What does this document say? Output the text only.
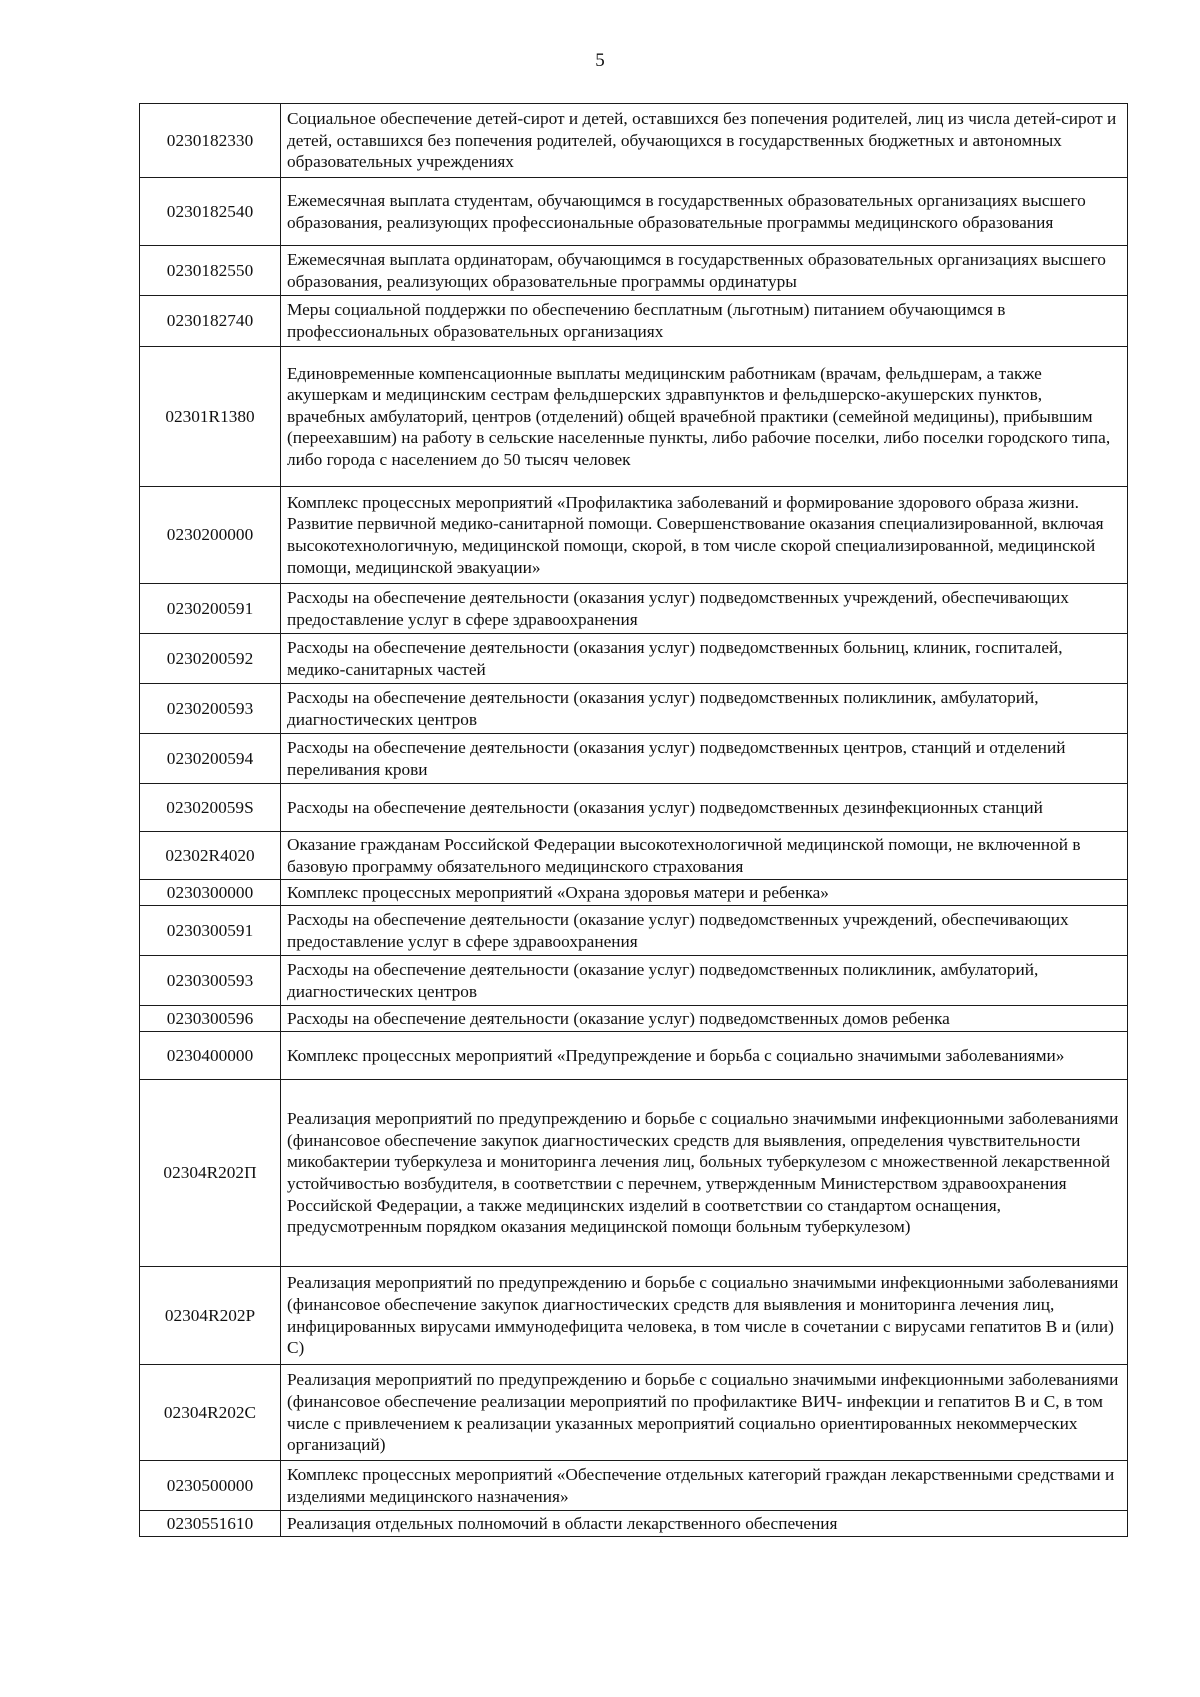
5
0230182330	Социальное обеспечение детей-сирот и детей, оставшихся без попечения родителей, лиц из числа детей-сирот и детей, оставшихся без попечения родителей, обучающихся в государственных бюджетных и автономных образовательных учреждениях
0230182540	Ежемесячная выплата студентам, обучающимся в государственных образовательных организациях высшего образования, реализующих профессиональные образовательные программы медицинского образования
0230182550	Ежемесячная выплата ординаторам, обучающимся в государственных образовательных организациях высшего образования, реализующих образовательные программы ординатуры
0230182740	Меры социальной поддержки по обеспечению бесплатным (льготным) питанием обучающимся в профессиональных образовательных организациях
02301R1380	Единовременные компенсационные выплаты медицинским работникам (врачам, фельдшерам, а также акушеркам и медицинским сестрам фельдшерских здравпунктов и фельдшерско-акушерских пунктов, врачебных амбулаторий, центров (отделений) общей врачебной практики (семейной медицины), прибывшим (переехавшим) на работу в сельские населенные пункты, либо рабочие поселки, либо поселки городского типа, либо города с населением до 50 тысяч человек
0230200000	Комплекс процессных мероприятий «Профилактика заболеваний и формирование здорового образа жизни. Развитие первичной медико-санитарной помощи. Совершенствование оказания специализированной, включая высокотехнологичную, медицинской помощи, скорой, в том числе скорой специализированной, медицинской помощи, медицинской эвакуации»
0230200591	Расходы на обеспечение деятельности (оказания услуг) подведомственных учреждений, обеспечивающих предоставление услуг в сфере здравоохранения
0230200592	Расходы на обеспечение деятельности (оказания услуг) подведомственных больниц, клиник, госпиталей, медико-санитарных частей
0230200593	Расходы на обеспечение деятельности (оказания услуг) подведомственных поликлиник, амбулаторий, диагностических центров
0230200594	Расходы на обеспечение деятельности (оказания услуг) подведомственных центров, станций и отделений переливания крови
023020059S	Расходы на обеспечение деятельности (оказания услуг) подведомственных дезинфекционных станций
02302R4020	Оказание гражданам Российской Федерации высокотехнологичной медицинской помощи, не включенной в базовую программу обязательного медицинского страхования
0230300000	Комплекс процессных мероприятий «Охрана здоровья матери и ребенка»
0230300591	Расходы на обеспечение деятельности (оказание услуг) подведомственных учреждений, обеспечивающих предоставление услуг в сфере здравоохранения
0230300593	Расходы на обеспечение деятельности (оказание услуг) подведомственных поликлиник, амбулаторий, диагностических центров
0230300596	Расходы на обеспечение деятельности (оказание услуг) подведомственных домов ребенка
0230400000	Комплекс процессных мероприятий «Предупреждение и борьба с социально значимыми заболеваниями»
02304R202П	Реализация мероприятий по предупреждению и борьбе с социально значимыми инфекционными заболеваниями (финансовое обеспечение закупок диагностических средств для выявления, определения чувствительности микобактерии туберкулеза и мониторинга лечения лиц, больных туберкулезом с множественной лекарственной устойчивостью возбудителя, в соответствии с перечнем, утвержденным Министерством здравоохранения Российской Федерации, а также медицинских изделий в соответствии со стандартом оснащения, предусмотренным порядком оказания медицинской помощи больным туберкулезом)
02304R202Р	Реализация мероприятий по предупреждению и борьбе с социально значимыми инфекционными заболеваниями (финансовое обеспечение закупок диагностических средств для выявления и мониторинга лечения лиц, инфицированных вирусами иммунодефицита человека, в том числе в сочетании с вирусами гепатитов В и (или) С)
02304R202С	Реализация мероприятий по предупреждению и борьбе с социально значимыми инфекционными заболеваниями (финансовое обеспечение реализации мероприятий по профилактике ВИЧ- инфекции и гепатитов В и С, в том числе с привлечением к реализации указанных мероприятий социально ориентированных некоммерческих организаций)
0230500000	Комплекс процессных мероприятий «Обеспечение отдельных категорий граждан лекарственными средствами и изделиями медицинского назначения»
0230551610	Реализация отдельных полномочий в области лекарственного обеспечения
